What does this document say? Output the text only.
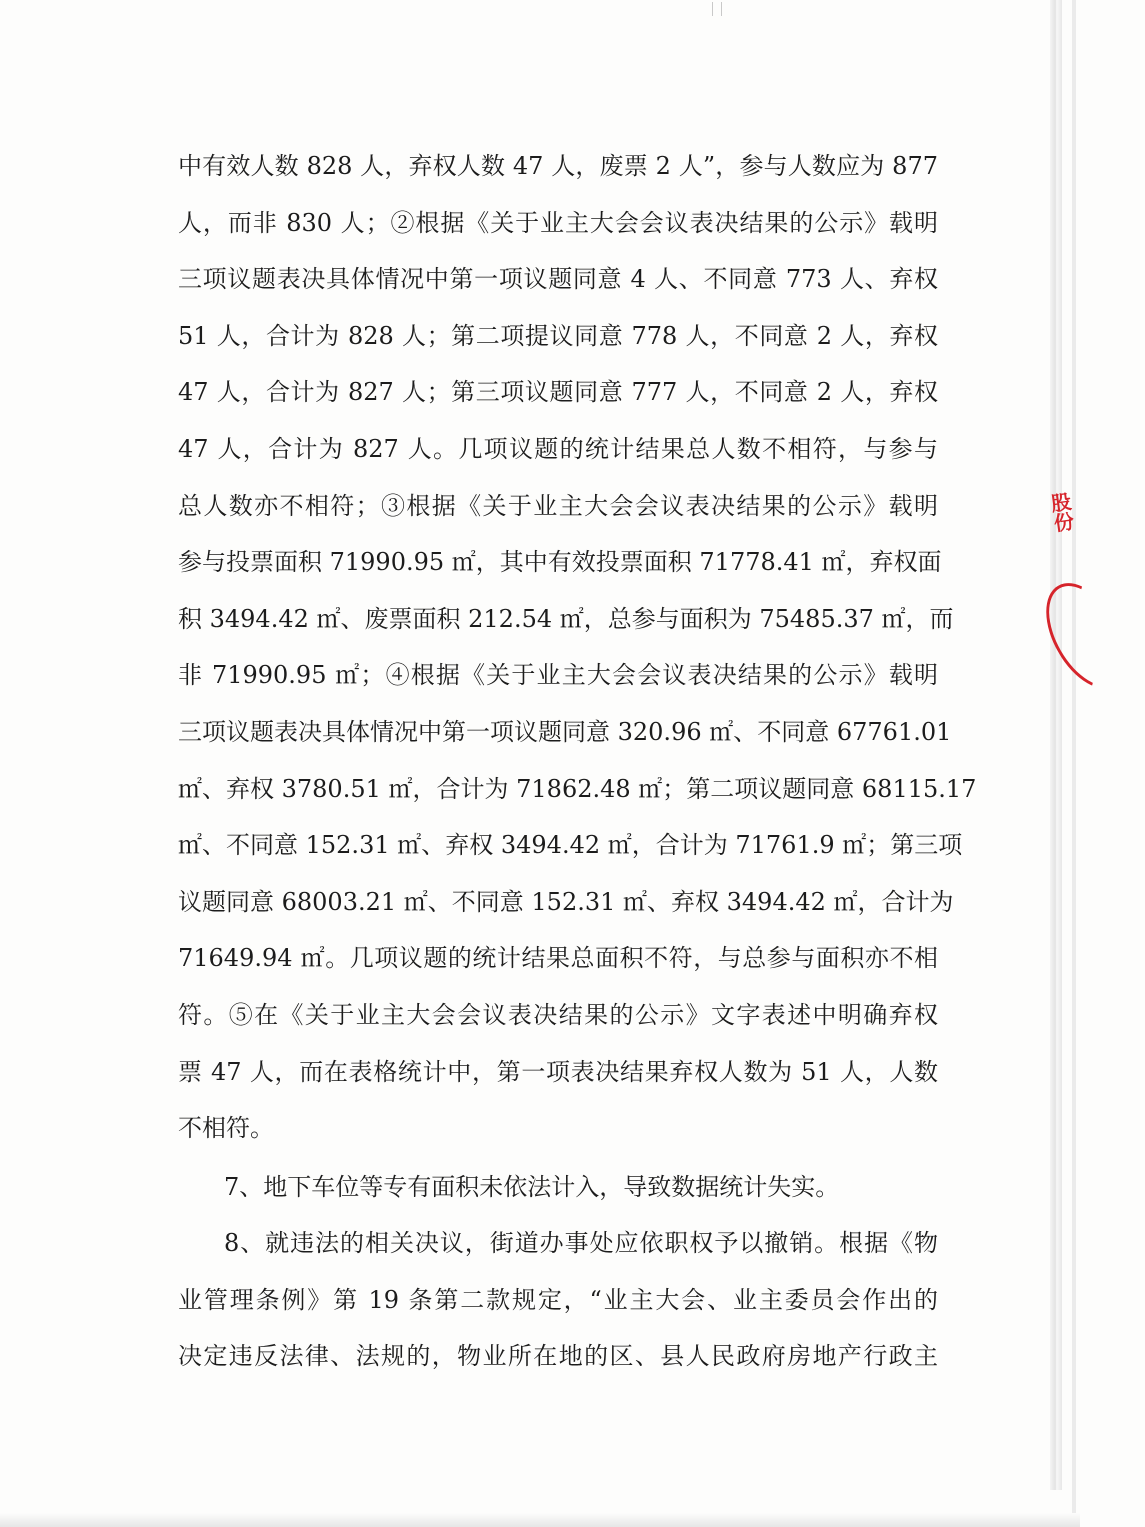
股份
中有效人数 828 人，弃权人数 47 人，废票 2 人”，参与人数应为 877
人，而非 830 人；②根据《关于业主大会会议表决结果的公示》载明
三项议题表决具体情况中第一项议题同意 4 人、不同意 773 人、弃权
51 人，合计为 828 人；第二项提议同意 778 人，不同意 2 人，弃权
47 人，合计为 827 人；第三项议题同意 777 人，不同意 2 人，弃权
47 人，合计为 827 人。几项议题的统计结果总人数不相符，与参与
总人数亦不相符；③根据《关于业主大会会议表决结果的公示》载明
参与投票面积 71990.95 ㎡，其中有效投票面积 71778.41 ㎡，弃权面
积 3494.42 ㎡、废票面积 212.54 ㎡，总参与面积为 75485.37 ㎡，而
非 71990.95 ㎡；④根据《关于业主大会会议表决结果的公示》载明
三项议题表决具体情况中第一项议题同意 320.96 ㎡、不同意 67761.01
㎡、弃权 3780.51 ㎡，合计为 71862.48 ㎡；第二项议题同意 68115.17
㎡、不同意 152.31 ㎡、弃权 3494.42 ㎡，合计为 71761.9 ㎡；第三项
议题同意 68003.21 ㎡、不同意 152.31 ㎡、弃权 3494.42 ㎡，合计为
71649.94 ㎡。几项议题的统计结果总面积不符，与总参与面积亦不相
符。⑤在《关于业主大会会议表决结果的公示》文字表述中明确弃权
票 47 人，而在表格统计中，第一项表决结果弃权人数为 51 人，人数
不相符。
7、地下车位等专有面积未依法计入，导致数据统计失实。
8、就违法的相关决议，街道办事处应依职权予以撤销。根据《物
业管理条例》第 19 条第二款规定，“业主大会、业主委员会作出的
决定违反法律、法规的，物业所在地的区、县人民政府房地产行政主
